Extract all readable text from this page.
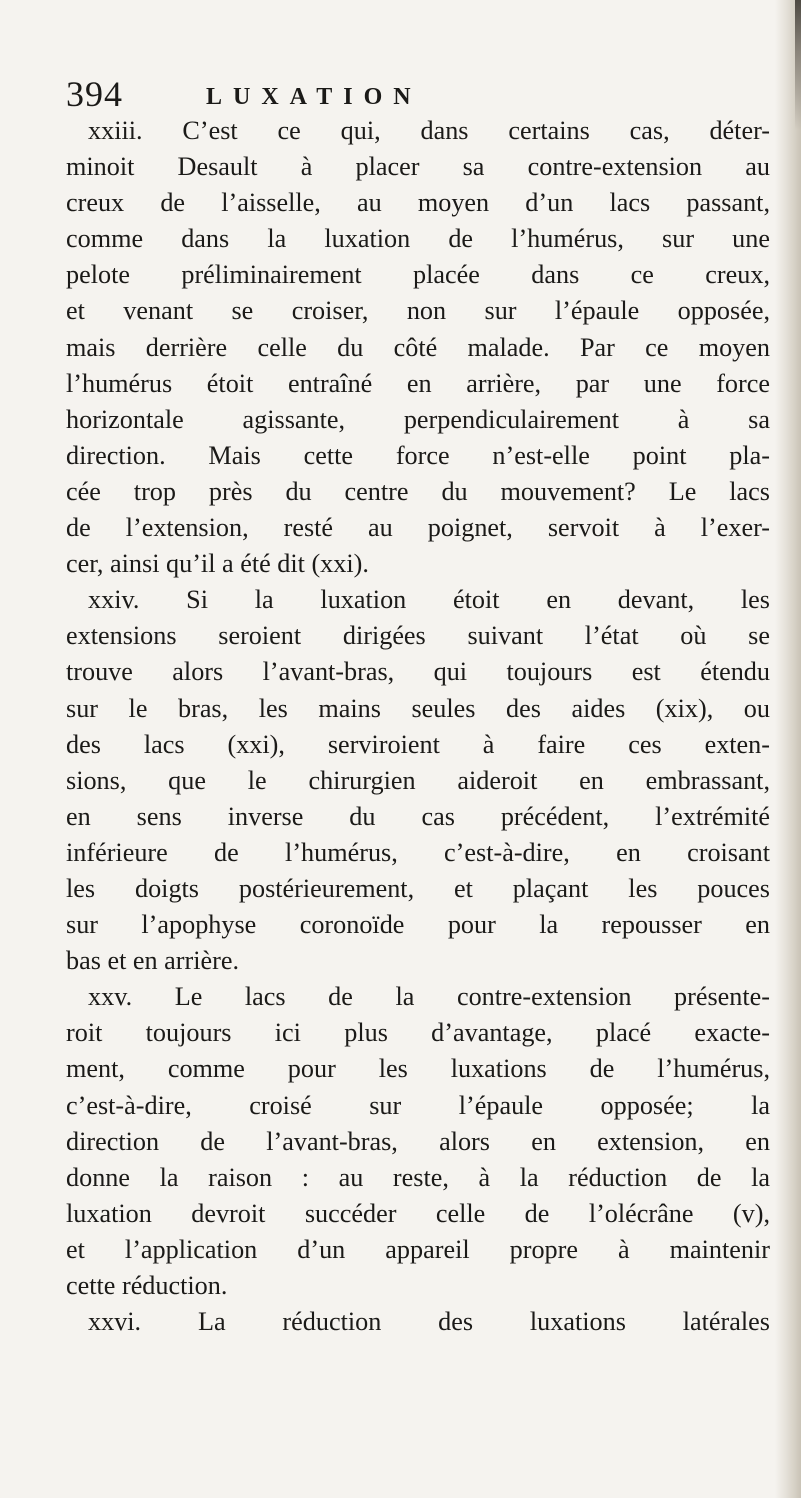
394	LUXATION
xxiii. C’est ce qui, dans certains cas, déter-
minoit Desault à placer sa contre-extension au
creux de l’aisselle, au moyen d’un lacs passant,
comme dans la luxation de l’humérus, sur une
pelote préliminairement placée dans ce creux,
et venant se croiser, non sur l’épaule opposée,
mais derrière celle du côté malade. Par ce moyen
l’humérus étoit entraîné en arrière, par une force
horizontale agissante, perpendiculairement à sa
direction. Mais cette force n’est-elle point pla-
cée trop près du centre du mouvement? Le lacs
de l’extension, resté au poignet, servoit à l’exer-
cer, ainsi qu’il a été dit (xxi).
xxiv. Si la luxation étoit en devant, les
extensions seroient dirigées suivant l’état où se
trouve alors l’avant-bras, qui toujours est étendu
sur le bras, les mains seules des aides (xix), ou
des lacs (xxi), serviroient à faire ces exten-
sions, que le chirurgien aideroit en embrassant,
en sens inverse du cas précédent, l’extrémité
inférieure de l’humérus, c’est-à-dire, en croisant
les doigts postérieurement, et plaçant les pouces
sur l’apophyse coronoïde pour la repousser en
bas et en arrière.
xxv. Le lacs de la contre-extension présente-
roit toujours ici plus d’avantage, placé exacte-
ment, comme pour les luxations de l’humérus,
c’est-à-dire, croisé sur l’épaule opposée; la
direction de l’avant-bras, alors en extension, en
donne la raison : au reste, à la réduction de la
luxation devroit succéder celle de l’olécrâne (v),
et l’application d’un appareil propre à maintenir
cette réduction.
xxvi. La réduction des luxations latérales
